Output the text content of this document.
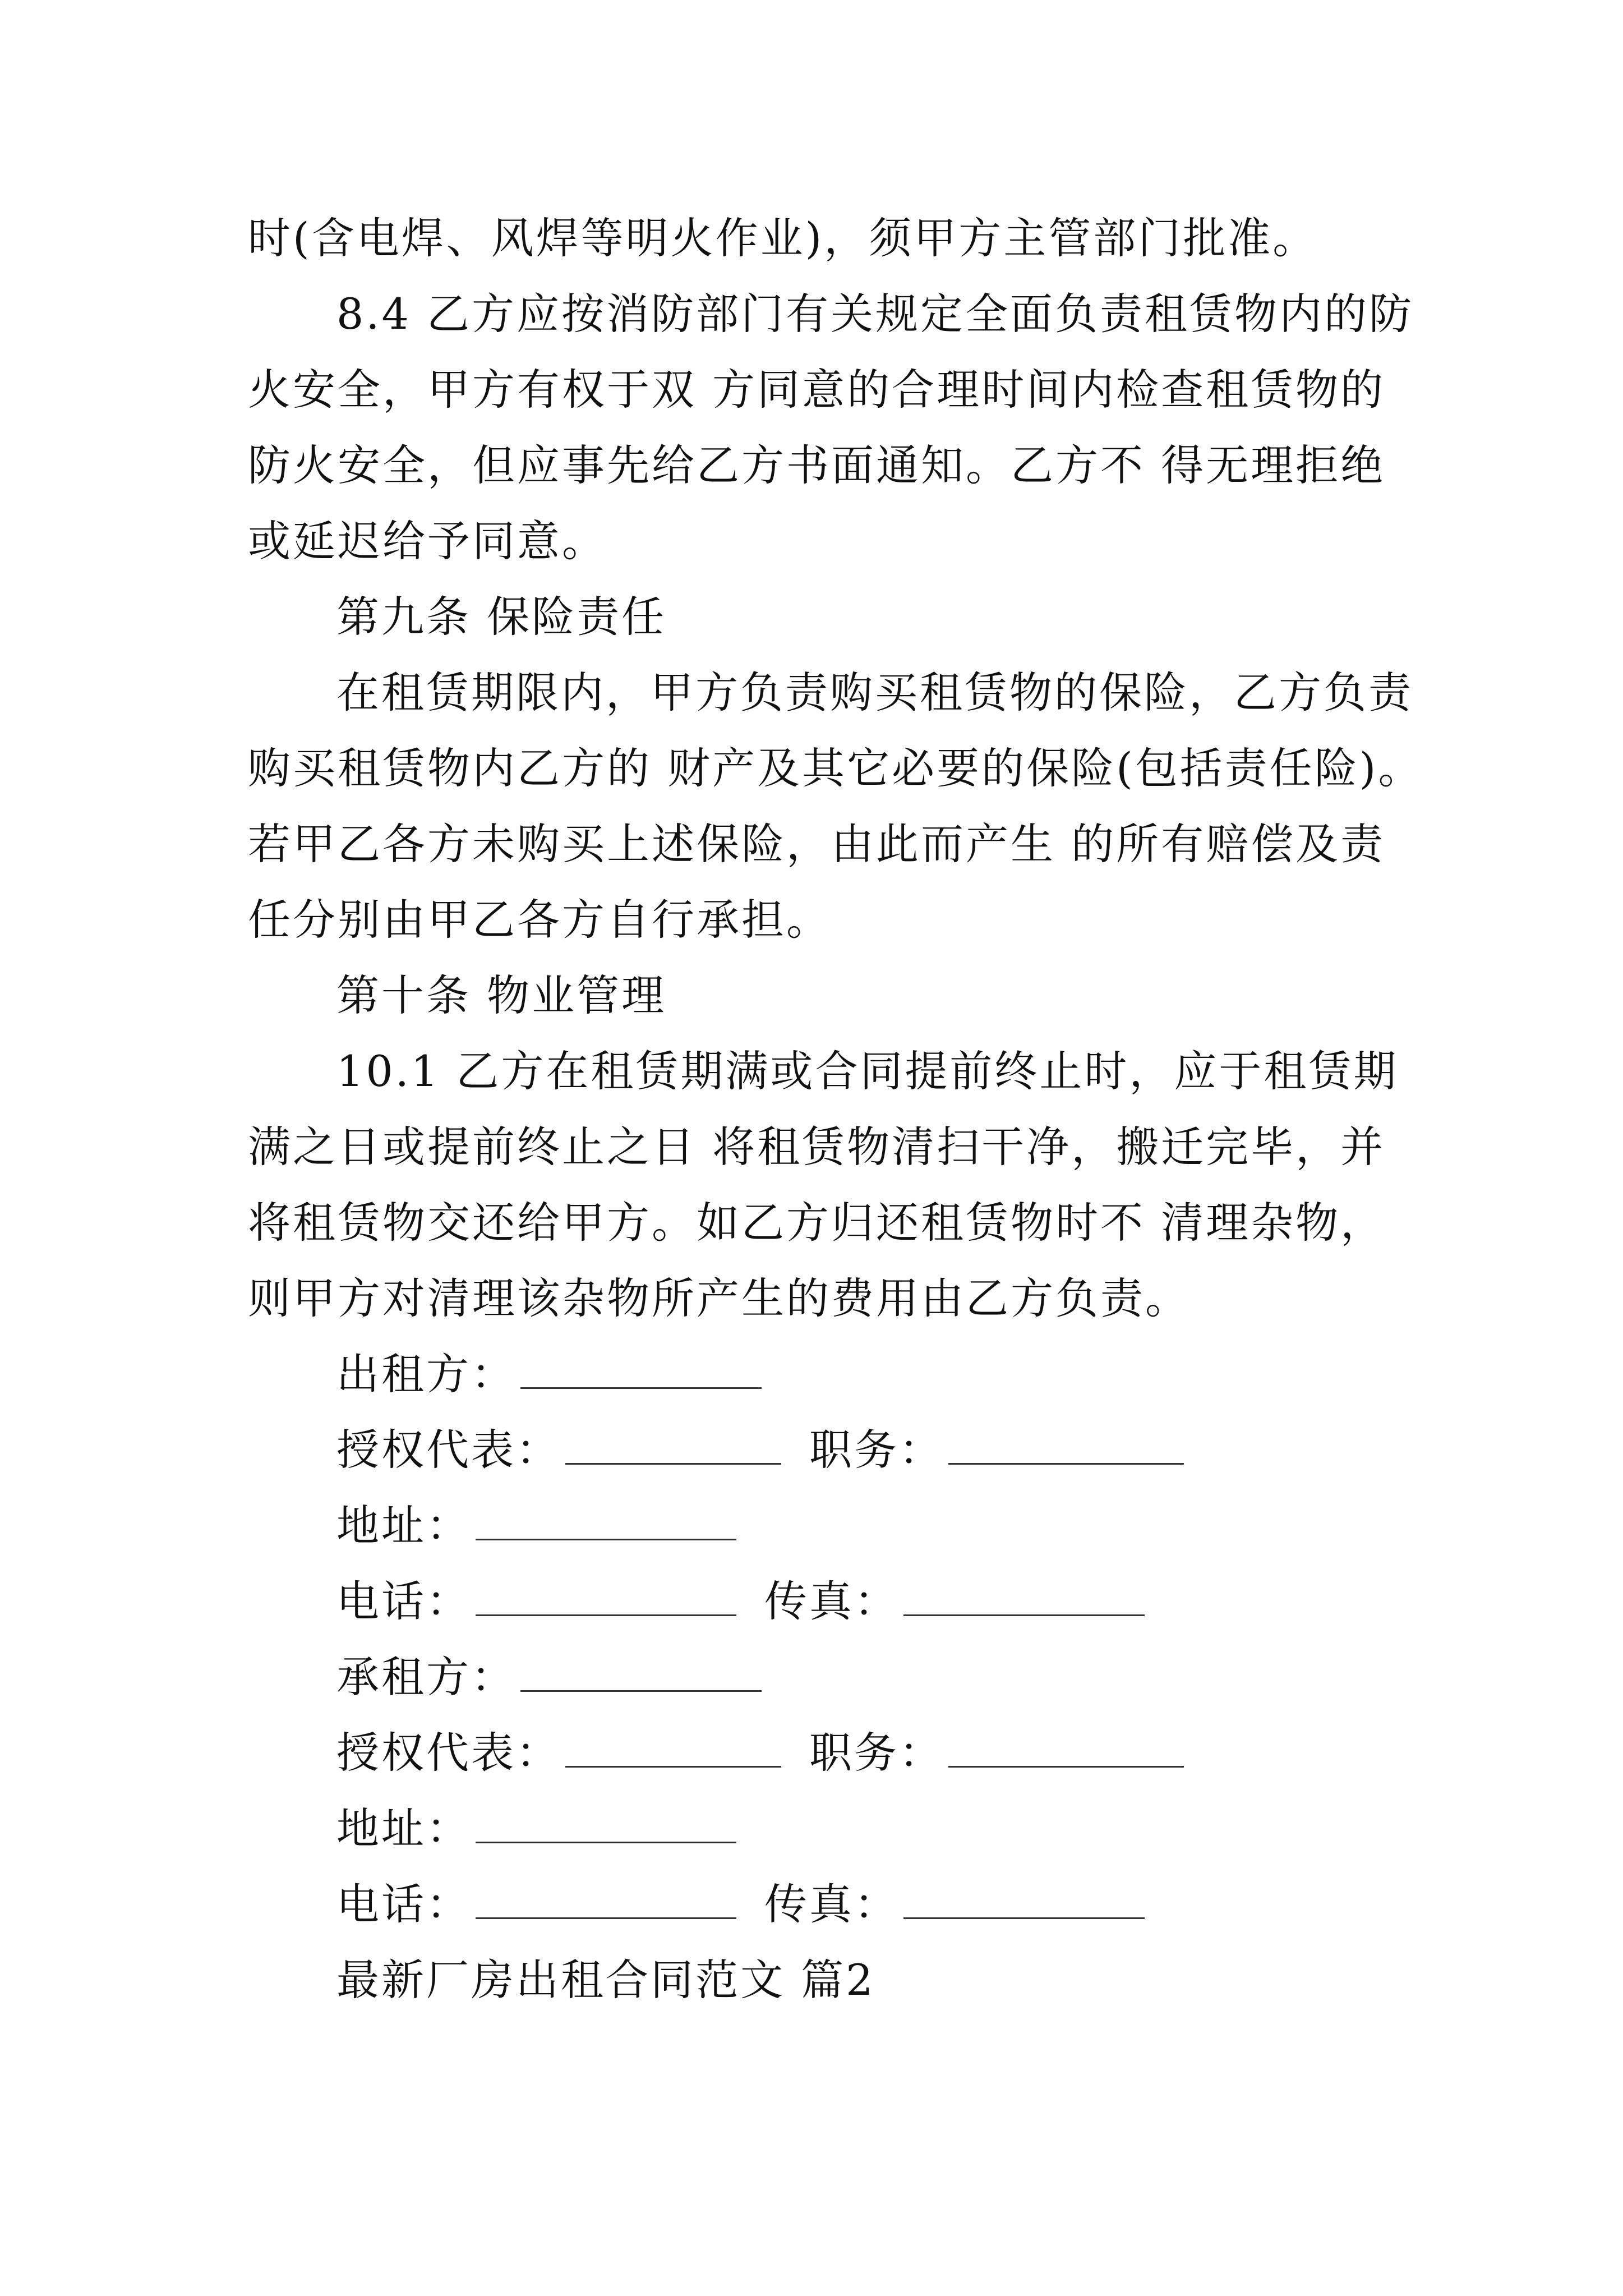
时(含电焊、风焊等明火作业)，须甲方主管部门批准。
8.4 乙方应按消防部门有关规定全面负责租赁物内的防
火安全，甲方有权于双 方同意的合理时间内检查租赁物的
防火安全，但应事先给乙方书面通知。乙方不 得无理拒绝
或延迟给予同意。
第九条 保险责任
在租赁期限内，甲方负责购买租赁物的保险，乙方负责
购买租赁物内乙方的 财产及其它必要的保险(包括责任险)。
若甲乙各方未购买上述保险，由此而产生 的所有赔偿及责
任分别由甲乙各方自行承担。
第十条 物业管理
10.1 乙方在租赁期满或合同提前终止时，应于租赁期
满之日或提前终止之日 将租赁物清扫干净，搬迁完毕，并
将租赁物交还给甲方。如乙方归还租赁物时不 清理杂物，
则甲方对清理该杂物所产生的费用由乙方负责。
出租方：
授权代表：	职务：
地址：
电话：	传真：
承租方：
授权代表：	职务：
地址：
电话：	传真：
最新厂房出租合同范文 篇2
